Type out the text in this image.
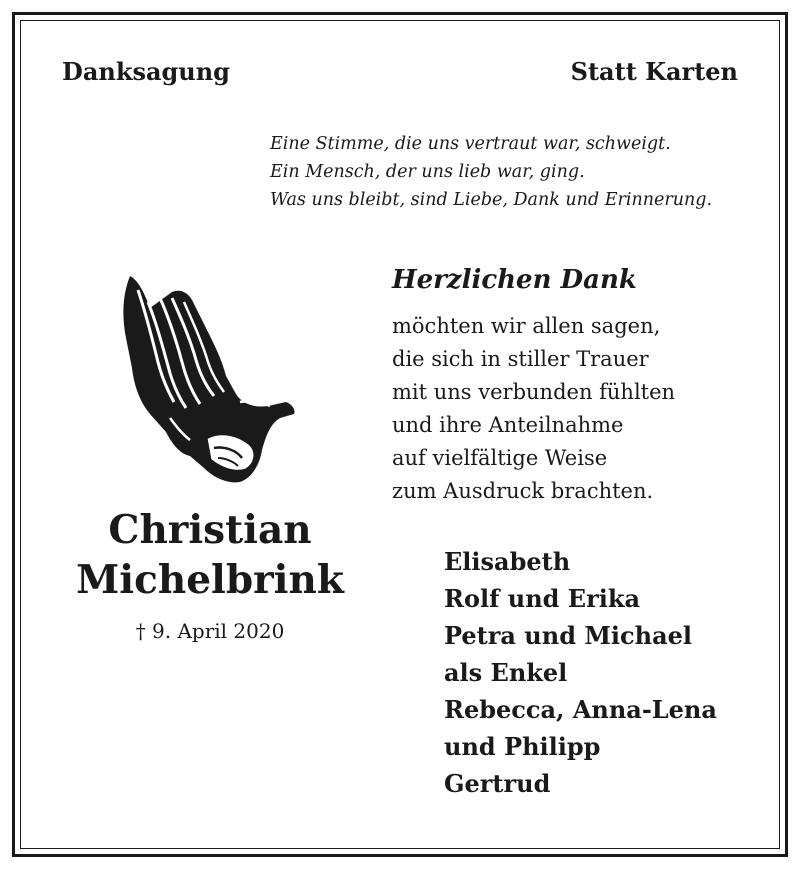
Danksagung	Statt Karten
Eine Stimme, die uns vertraut war, schweigt.
Ein Mensch, der uns lieb war, ging.
Was uns bleibt, sind Liebe, Dank und Erinnerung.
Herzlichen Dank
möchten wir allen sagen,
die sich in stiller Trauer
mit uns verbunden fühlten
und ihre Anteilnahme
auf vielfältige Weise
zum Ausdruck brachten.
Christian
Michelbrink
† 9. April 2020
Elisabeth
Rolf und Erika
Petra und Michael
als Enkel
Rebecca, Anna-Lena
und Philipp
Gertrud
